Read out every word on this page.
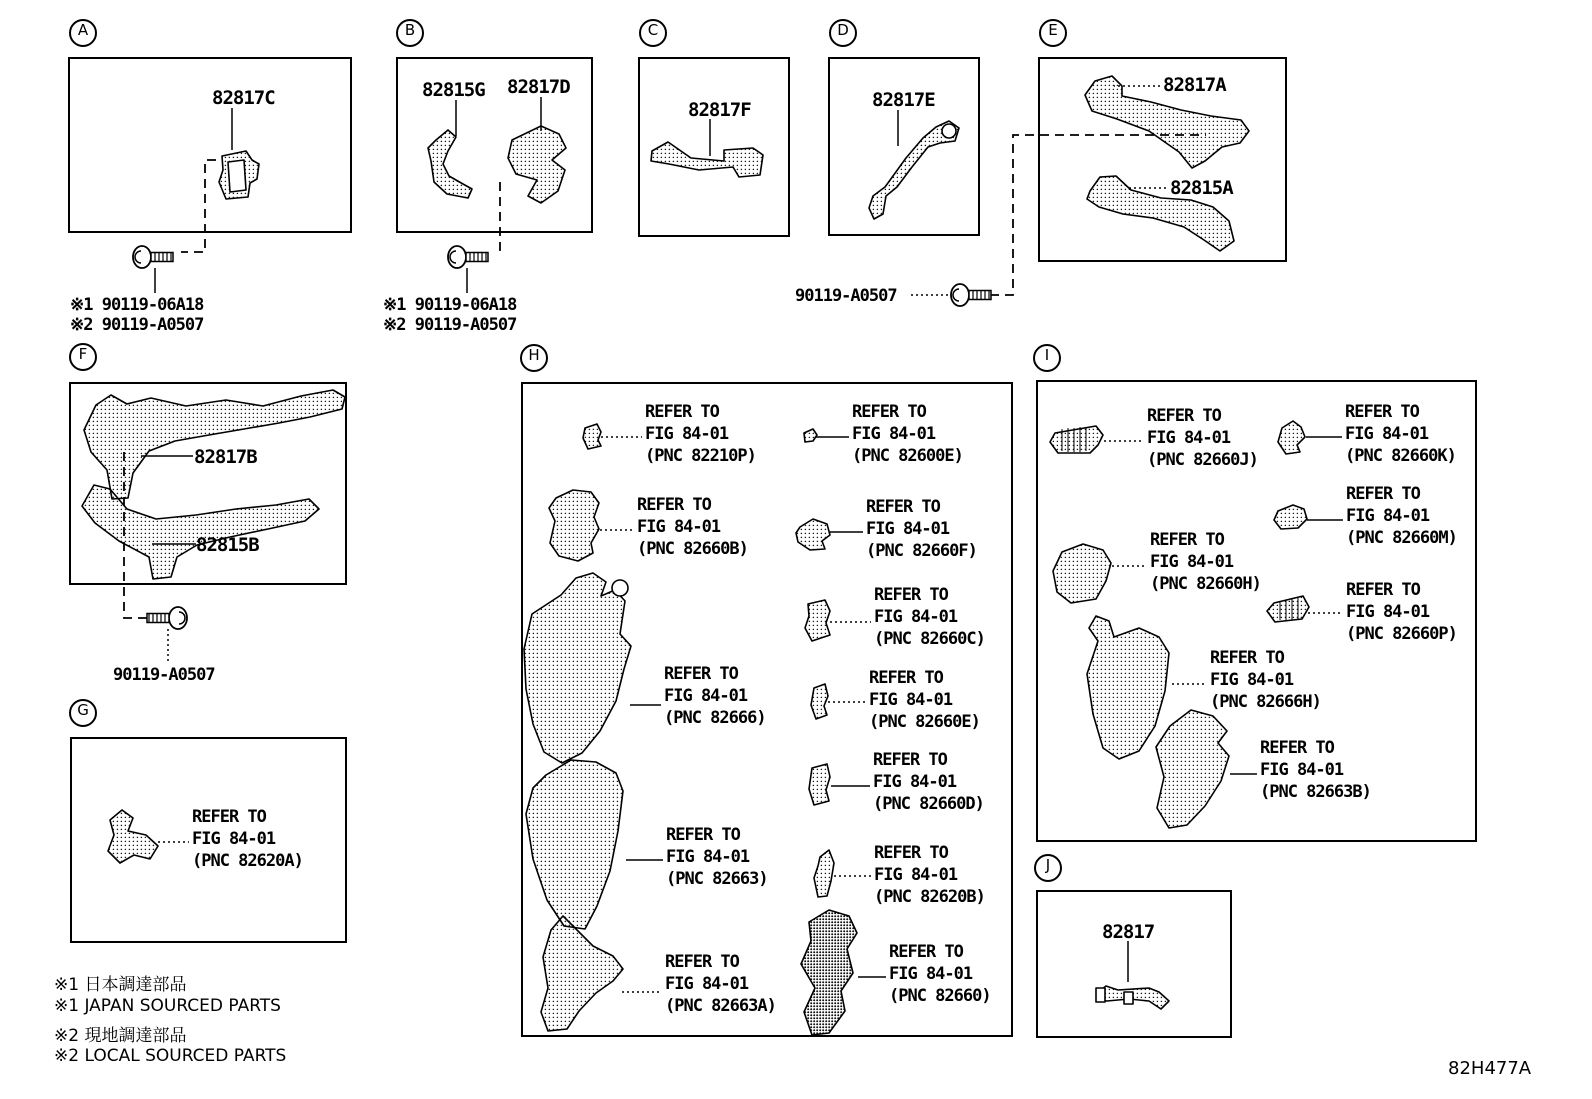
A	B	C	D	E
F
G
H	I
J
82817C	82815G 82817D
82817F	82817E
82817A
82815A
82817B
82815B
82817
※1 90119-06A18
※2 90119-A0507
※1 90119-06A18
※2 90119-A0507
90119-A0507
90119-A0507
REFER TO
FIG 84-01
(PNC 82620A)
REFER TO
FIG 84-01
(PNC 82210P)
REFER TO
FIG 84-01
(PNC 82600E)
REFER TO
FIG 84-01
(PNC 82660B)
REFER TO
FIG 84-01
(PNC 82660F)
REFER TO
FIG 84-01
(PNC 82666)
REFER TO
FIG 84-01
(PNC 82660C)
REFER TO
FIG 84-01
(PNC 82660E)
REFER TO
FIG 84-01
(PNC 82660D)
REFER TO
FIG 84-01
(PNC 82663)
REFER TO
FIG 84-01
(PNC 82620B)
REFER TO
FIG 84-01
(PNC 82663A)
REFER TO
FIG 84-01
(PNC 82660)
REFER TO
FIG 84-01
(PNC 82660J)
REFER TO
FIG 84-01
(PNC 82660K)
REFER TO
FIG 84-01
(PNC 82660M)
REFER TO
FIG 84-01
(PNC 82660H)	REFER TO
FIG 84-01
(PNC 82660P)
REFER TO
FIG 84-01
(PNC 82666H)
REFER TO
FIG 84-01
(PNC 82663B)
※1 日本調達部品
※1 JAPAN SOURCED PARTS
※2 現地調達部品
※2 LOCAL SOURCED PARTS
82H477A
